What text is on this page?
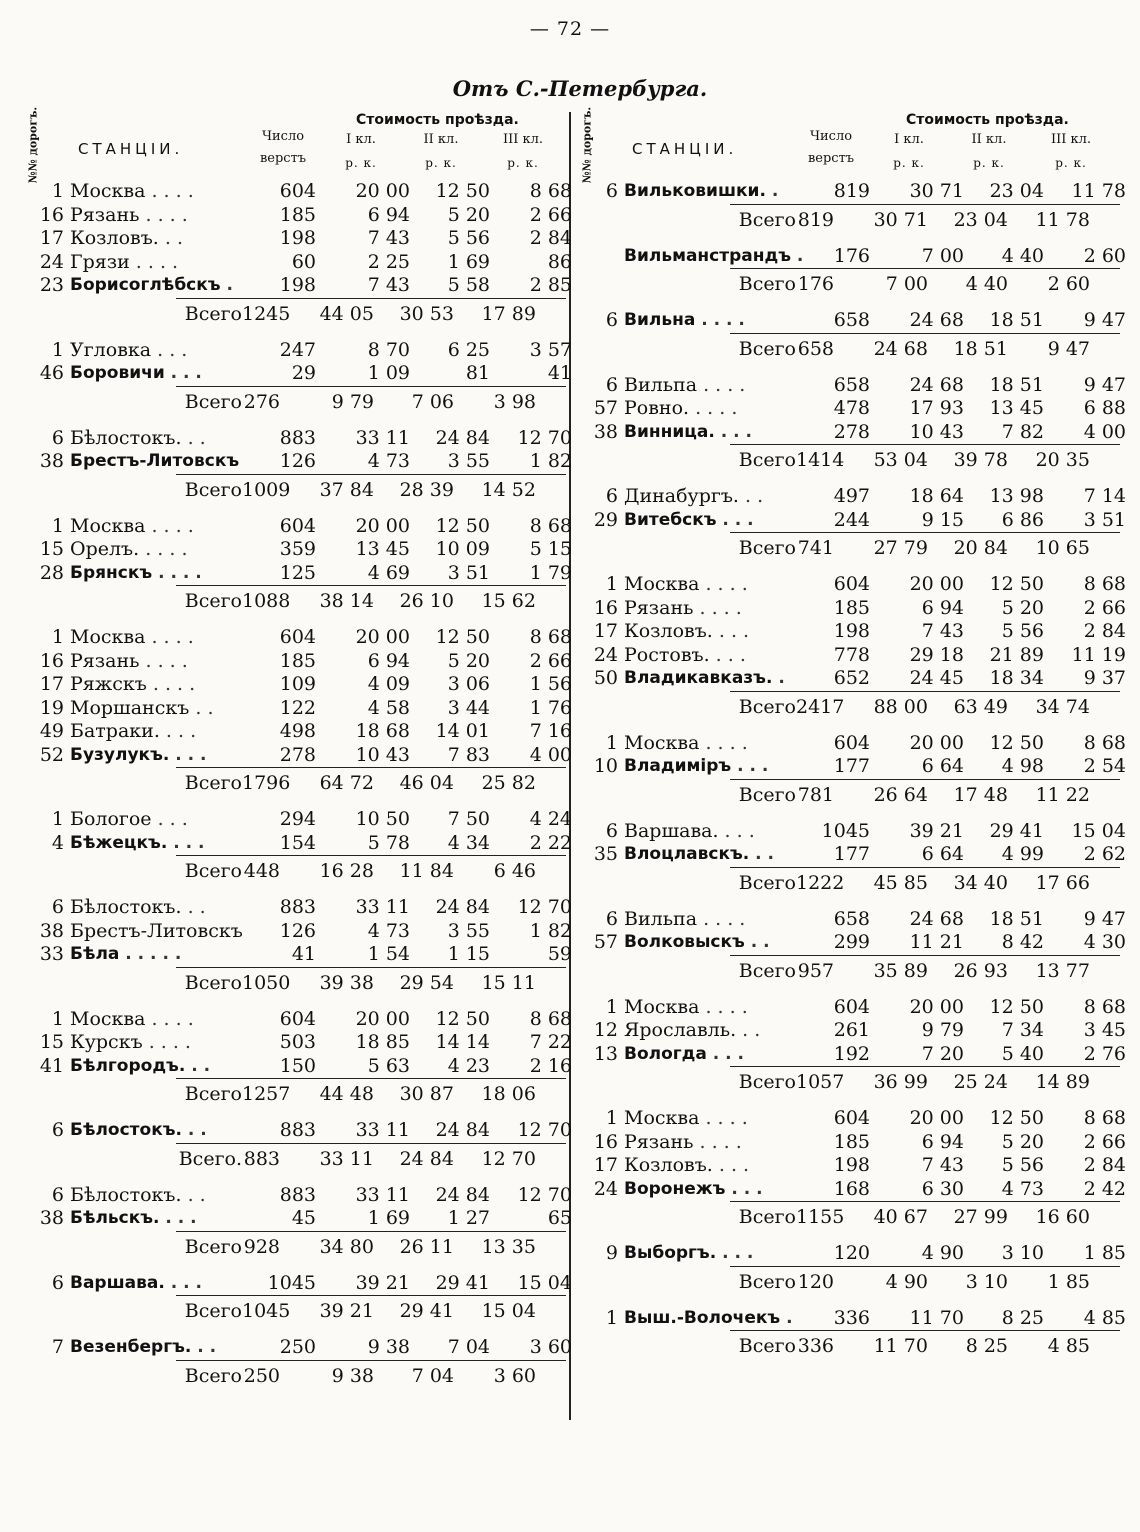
— 72 —
Отъ С.-Петербурга.
№№ дорогъ.	СТАНЦІИ.
Число
верстъ
Стоимость проѣзда.
I кл.	II кл.	III кл.
р. к.	р. к.	р. к.
1 Москва . . . .	604	20 00	12 50	8 68
16 Рязань . . . .	185	6 94	5 20	2 66
17 Козловъ. . .	198	7 43	5 56	2 84
24 Грязи . . . .	60	2 25	1 69	86
23 Борисоглѣбскъ .	198	7 43	5 58	2 85
Всего 1245	44 05	30 53	17 89
1 Угловка . . .	247	8 70	6 25	3 57
46 Боровичи . . .	29	1 09	81	41
Всего 276	9 79	7 06	3 98
6 Бѣлостокъ. . .	883	33 11	24 84	12 70
38 Брестъ-Литовскъ	126	4 73	3 55	1 82
Всего 1009	37 84	28 39	14 52
1 Москва . . . .	604	20 00	12 50	8 68
15 Орелъ. . . . .	359	13 45	10 09	5 15
28 Брянскъ . . . .	125	4 69	3 51	1 79
Всего 1088	38 14	26 10	15 62
1 Москва . . . .	604	20 00	12 50	8 68
16 Рязань . . . .	185	6 94	5 20	2 66
17 Ряжскъ . . . .	109	4 09	3 06	1 56
19 Моршанскъ . .	122	4 58	3 44	1 76
49 Батраки. . . .	498	18 68	14 01	7 16
52 Бузулукъ. . . .	278	10 43	7 83	4 00
Всего 1796	64 72	46 04	25 82
1 Бологое . . .	294	10 50	7 50	4 24
4 Бѣжецкъ. . . .	154	5 78	4 34	2 22
Всего 448	16 28	11 84	6 46
6 Бѣлостокъ. . .	883	33 11	24 84	12 70
38 Брестъ-Литовскъ	126	4 73	3 55	1 82
33 Бѣла . . . . .	41	1 54	1 15	59
Всего 1050	39 38	29 54	15 11
1 Москва . . . .	604	20 00	12 50	8 68
15 Курскъ . . . .	503	18 85	14 14	7 22
41 Бѣлгородъ. . .	150	5 63	4 23	2 16
Всего 1257	44 48	30 87	18 06
6 Бѣлостокъ. . .	883	33 11	24 84	12 70
Всего. 883	33 11	24 84	12 70
6 Бѣлостокъ. . .	883	33 11	24 84	12 70
38 Бѣльскъ. . . .	45	1 69	1 27	65
Всего 928	34 80	26 11	13 35
6 Варшава. . . .	1045	39 21	29 41	15 04
Всего 1045	39 21	29 41	15 04
7 Везенбергъ. . .	250	9 38	7 04	3 60
Всего 250	9 38	7 04	3 60
№№ дорогъ.	СТАНЦІИ.
Число
верстъ
Стоимость проѣзда.
I кл.	II кл.	III кл.
р. к.	р. к.	р. к.
6 Вильковишки. .	819	30 71	23 04	11 78
Всего 819	30 71	23 04	11 78
Вильманстрандъ .	176	7 00	4 40	2 60
Всего 176	7 00	4 40	2 60
6 Вильна . . . .	658	24 68	18 51	9 47
Всего 658	24 68	18 51	9 47
6 Вильпа . . . .	658	24 68	18 51	9 47
57 Ровно. . . . .	478	17 93	13 45	6 88
38 Винница. . . .	278	10 43	7 82	4 00
Всего 1414	53 04	39 78	20 35
6 Динабургъ. . .	497	18 64	13 98	7 14
29 Витебскъ . . .	244	9 15	6 86	3 51
Всего 741	27 79	20 84	10 65
1 Москва . . . .	604	20 00	12 50	8 68
16 Рязань . . . .	185	6 94	5 20	2 66
17 Козловъ. . . .	198	7 43	5 56	2 84
24 Ростовъ. . . .	778	29 18	21 89	11 19
50 Владикавказъ. .	652	24 45	18 34	9 37
Всего 2417	88 00	63 49	34 74
1 Москва . . . .	604	20 00	12 50	8 68
10 Владиміръ . . .	177	6 64	4 98	2 54
Всего 781	26 64	17 48	11 22
6 Варшава. . . .	1045	39 21	29 41	15 04
35 Влоцлавскъ. . .	177	6 64	4 99	2 62
Всего 1222	45 85	34 40	17 66
6 Вильпа . . . .	658	24 68	18 51	9 47
57 Волковыскъ . .	299	11 21	8 42	4 30
Всего 957	35 89	26 93	13 77
1 Москва . . . .	604	20 00	12 50	8 68
12 Ярославль. . .	261	9 79	7 34	3 45
13 Вологда . . .	192	7 20	5 40	2 76
Всего 1057	36 99	25 24	14 89
1 Москва . . . .	604	20 00	12 50	8 68
16 Рязань . . . .	185	6 94	5 20	2 66
17 Козловъ. . . .	198	7 43	5 56	2 84
24 Воронежъ . . .	168	6 30	4 73	2 42
Всего 1155	40 67	27 99	16 60
9 Выборгъ. . . .	120	4 90	3 10	1 85
Всего 120	4 90	3 10	1 85
1 Выш.-Волочекъ .	336	11 70	8 25	4 85
Всего 336	11 70	8 25	4 85
